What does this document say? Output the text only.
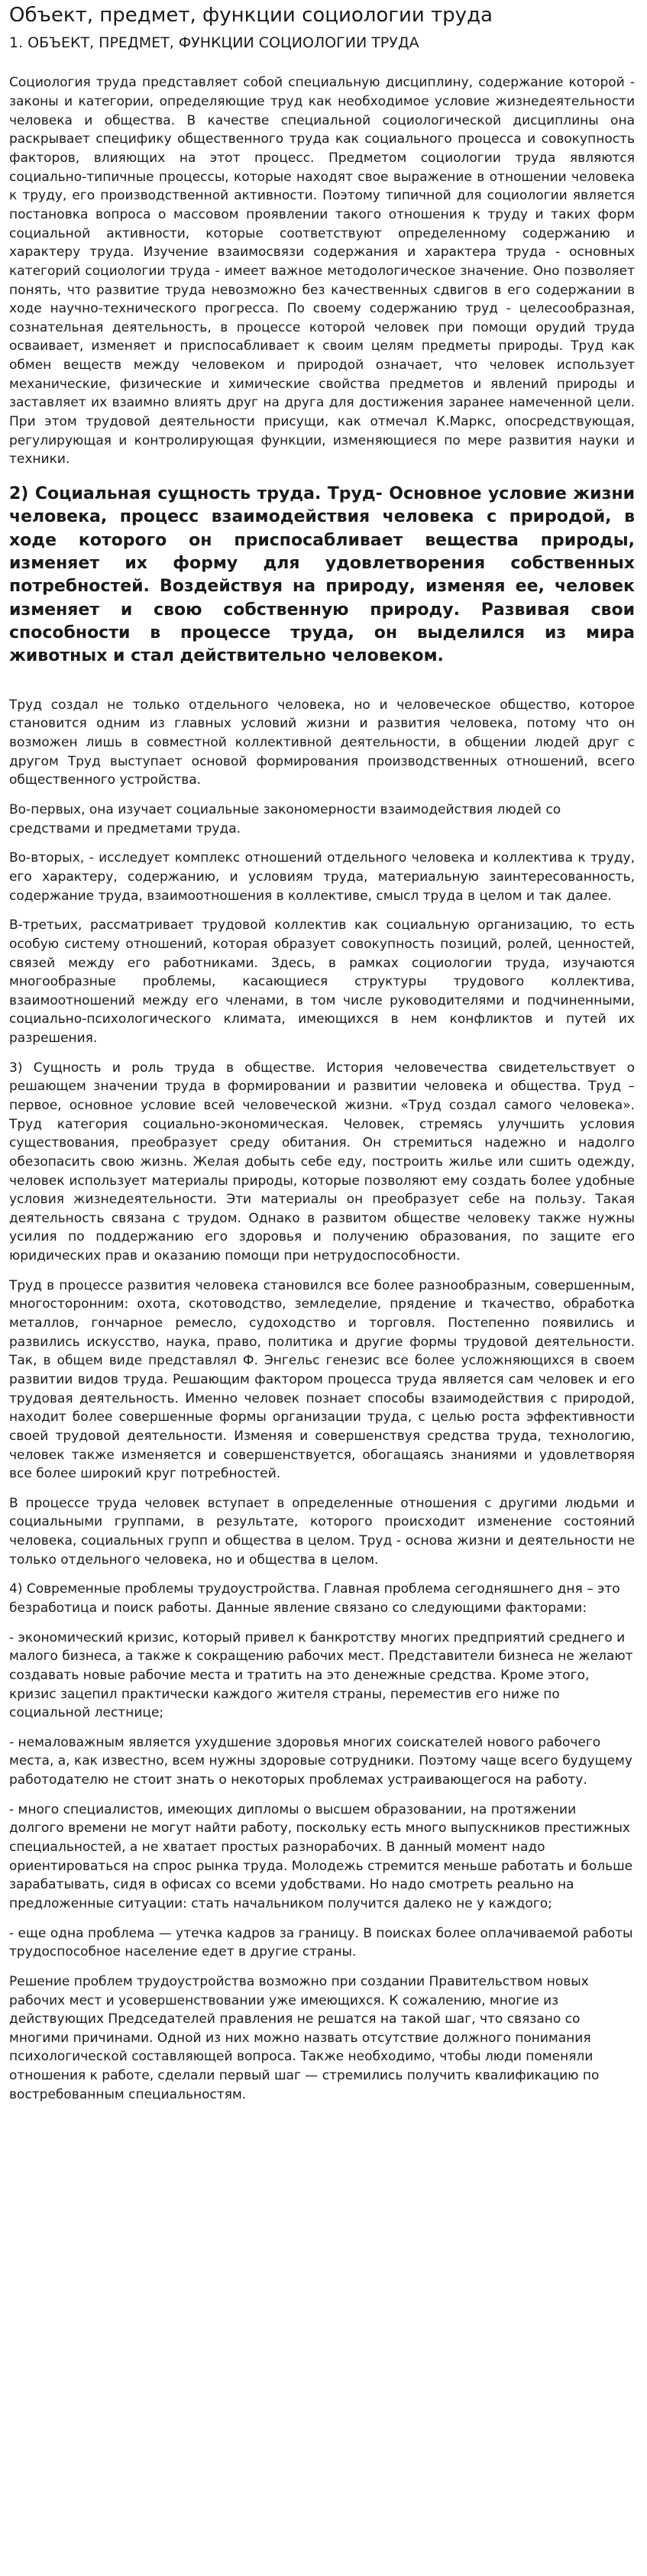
Объект, предмет, функции социологии труда
1. ОБЪЕКТ, ПРЕДМЕТ, ФУНКЦИИ СОЦИОЛОГИИ ТРУДА

Социология труда представляет собой специальную дисциплину, содержание которой - законы и категории, определяющие труд как необходимое условие жизнедеятельности человека и общества. В качестве специальной социологической дисциплины она раскрывает специфику общественного труда как социального процесса и совокупность факторов, влияющих на этот процесс. Предметом социологии труда являются социально-типичные процессы, которые находят свое выражение в отношении человека к труду, его производственной активности. Поэтому типичной для социологии является постановка вопроса о массовом проявлении такого отношения к труду и таких форм социальной активности, которые соответствуют определенному содержанию и характеру труда. Изучение взаимосвязи содержания и характера труда - основных категорий социологии труда - имеет важное методологическое значение. Оно позволяет понять, что развитие труда невозможно без качественных сдвигов в его содержании в ходе научно-технического прогресса. По своему содержанию труд - целесообразная, сознательная деятельность, в процессе которой человек при помощи орудий труда осваивает, изменяет и приспосабливает к своим целям предметы природы. Труд как обмен веществ между человеком и природой означает, что человек использует механические, физические и химические свойства предметов и явлений природы и заставляет их взаимно влиять друг на друга для достижения заранее намеченной цели. При этом трудовой деятельности присущи, как отмечал К.Маркс, опосредствующая, регулирующая и контролирующая функции, изменяющиеся по мере развития науки и техники.

2) Социальная сущность труда. Труд- Основное условие жизни человека, процесс взаимодействия человека с природой, в ходе которого он приспосабливает вещества природы, изменяет их форму для удовлетворения собственных потребностей. Воздействуя на природу, изменяя ее, человек изменяет и свою собственную природу. Развивая свои способности в процессе труда, он выделился из мира животных и стал действительно человеком.

Труд создал не только отдельного человека, но и человеческое общество, которое становится одним из главных условий жизни и развития человека, потому что он возможен лишь в совместной коллективной деятельности, в общении людей друг с другом Труд выступает основой формирования производственных отношений, всего общественного устройства.

Во-первых, она изучает социальные закономерности взаимодействия людей со средствами и предметами труда.

Во-вторых, - исследует комплекс отношений отдельного человека и коллектива к труду, его характеру, содержанию, и условиям труда, материальную заинтересованность, содержание труда, взаимоотношения в коллективе, смысл труда в целом и так далее.

В-третьих, рассматривает трудовой коллектив как социальную организацию, то есть особую систему отношений, которая образует совокупность позиций, ролей, ценностей, связей между его работниками. Здесь, в рамках социологии труда, изучаются многообразные проблемы, касающиеся структуры трудового коллектива, взаимоотношений между его членами, в том числе руководителями и подчиненными, социально-психологического климата, имеющихся в нем конфликтов и путей их разрешения.

3) Сущность и роль труда в обществе. История человечества свидетельствует о решающем значении труда в формировании и развитии человека и общества. Труд – первое, основное условие всей человеческой жизни. «Труд создал самого человека». Труд категория социально-экономическая. Человек, стремясь улучшить условия существования, преобразует среду обитания. Он стремиться надежно и надолго обезопасить свою жизнь. Желая добыть себе еду, построить жилье или сшить одежду, человек использует материалы природы, которые позволяют ему создать более удобные условия жизнедеятельности. Эти материалы он преобразует себе на пользу. Такая деятельность связана с трудом. Однако в развитом обществе человеку также нужны усилия по поддержанию его здоровья и получению образования, по защите его юридических прав и оказанию помощи при нетрудоспособности.

Труд в процессе развития человека становился все более разнообразным, совершенным, многосторонним: охота, скотоводство, земледелие, прядение и ткачество, обработка металлов, гончарное ремесло, судоходство и торговля. Постепенно появились и развились искусство, наука, право, политика и другие формы трудовой деятельности. Так, в общем виде представлял Ф. Энгельс генезис все более усложняющихся в своем развитии видов труда. Решающим фактором процесса труда является сам человек и его трудовая деятельность. Именно человек познает способы взаимодействия с природой, находит более совершенные формы организации труда, с целью роста эффективности своей трудовой деятельности. Изменяя и совершенствуя средства труда, технологию, человек также изменяется и совершенствуется, обогащаясь знаниями и удовлетворяя все более широкий круг потребностей.

В процессе труда человек вступает в определенные отношения с другими людьми и социальными группами, в результате, которого происходит изменение состояний человека, социальных групп и общества в целом. Труд - основа жизни и деятельности не только отдельного человека, но и общества в целом.

4) Современные проблемы трудоустройства. Главная проблема сегодняшнего дня – это безработица и поиск работы. Данные явление связано со следующими факторами:

- экономический кризис, который привел к банкротству многих предприятий среднего и малого бизнеса, а также к сокращению рабочих мест. Представители бизнеса не желают создавать новые рабочие места и тратить на это денежные средства. Кроме этого, кризис зацепил практически каждого жителя страны, переместив его ниже по социальной лестнице;

- немаловажным является ухудшение здоровья многих соискателей нового рабочего места, а, как известно, всем нужны здоровые сотрудники. Поэтому чаще всего будущему работодателю не стоит знать о некоторых проблемах устраивающегося на работу.

- много специалистов, имеющих дипломы о высшем образовании, на протяжении долгого времени не могут найти работу, поскольку есть много выпускников престижных специальностей, а не хватает простых разнорабочих. В данный момент надо ориентироваться на спрос рынка труда. Молодежь стремится меньше работать и больше зарабатывать, сидя в офисах со всеми удобствами. Но надо смотреть реально на предложенные ситуации: стать начальником получится далеко не у каждого;

- еще одна проблема — утечка кадров за границу. В поисках более оплачиваемой работы трудоспособное население едет в другие страны.

Решение проблем трудоустройства возможно при создании Правительством новых рабочих мест и усовершенствовании уже имеющихся. К сожалению, многие из действующих Председателей правления не решатся на такой шаг, что связано со многими причинами. Одной из них можно назвать отсутствие должного понимания психологической составляющей вопроса. Также необходимо, чтобы люди поменяли отношения к работе, сделали первый шаг — стремились получить квалификацию по востребованным специальностям.
